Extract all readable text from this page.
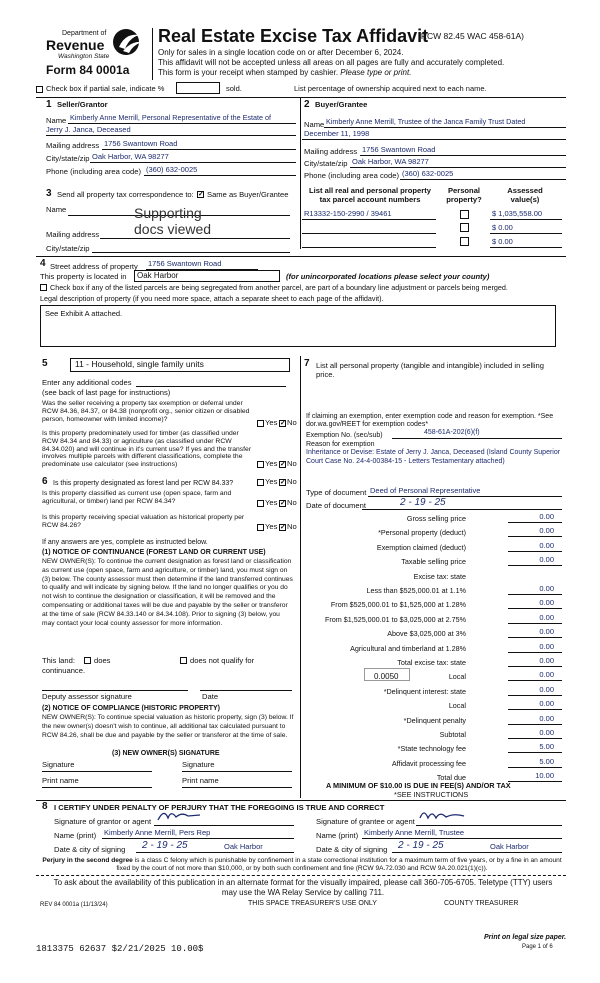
Department of
Revenue
Washington State
Form 84 0001a
Real Estate Excise Tax Affidavit
(RCW 82.45 WAC 458-61A)
Only for sales in a single location code on or after December 6, 2024.
This affidavit will not be accepted unless all areas on all pages are fully and accurately completed.
This form is your receipt when stamped by cashier. Please type or print.
Check box if partial sale, indicate %	sold.	List percentage of ownership acquired next to each name.
1 Seller/Grantor
Name Kimberly Anne Merrill, Personal Representative of the Estate of
Jerry J. Janca, Deceased
Mailing address 1756 Swantown Road
City/state/zip Oak Harbor, WA 98277
Phone (including area code) (360) 632-0025
2 Buyer/Grantee
Name Kimberly Anne Merrill, Trustee of the Janca Family Trust Dated
December 11, 1998
Mailing address 1756 Swantown Road
City/state/zip Oak Harbor, WA 98277
Phone (including area code) (360) 632-0025
3 Send all property tax correspondence to: ✓ Same as Buyer/Grantee
Name	Supporting
Mailing address docs viewed
City/state/zip
List all real and personal property tax parcel account numbers
Personal property?
Assessed value(s)
R13332-150-2990 / 39461	$ 1,035,558.00
$ 0.00
$ 0.00
4 Street address of property 1756 Swantown Road
This property is located in Oak Harbor	(for unincorporated locations please select your county)
Check box if any of the listed parcels are being segregated from another parcel, are part of a boundary line adjustment or parcels being merged.
Legal description of property (if you need more space, attach a separate sheet to each page of the affidavit).
See Exhibit A attached.
5	11 - Household, single family units
Enter any additional codes
(see back of last page for instructions)
Was the seller receiving a property tax exemption or deferral under RCW 84.36, 84.37, or 84.38 (nonprofit org., senior citizen or disabled person, homeowner with limited income)?	Yes ✓ No
Is this property predominately used for timber (as classified under RCW 84.34 and 84.33) or agriculture (as classified under RCW 84.34.020) and will continue in it's current use? If yes and the transfer involves multiple parcels with different classifications, complete the predominate use calculator (see instructions)	Yes ✓ No
6 Is this property designated as forest land per RCW 84.33?	Yes ✓ No
Is this property classified as current use (open space, farm and agricultural, or timber) land per RCW 84.34?	Yes ✓ No
Is this property receiving special valuation as historical property per RCW 84.26?	Yes ✓ No
If any answers are yes, complete as instructed below.
(1) NOTICE OF CONTINUANCE (FOREST LAND OR CURRENT USE)
NEW OWNER(S): To continue the current designation as forest land or classification as current use (open space, farm and agriculture, or timber) land, you must sign on (3) below. The county assessor must then determine if the land transferred continues to qualify and will indicate by signing below. If the land no longer qualifies or you do not wish to continue the designation or classification, it will be removed and the compensating or additional taxes will be due and payable by the seller or transferor at the time of sale (RCW 84.33.140 or 84.34.108). Prior to signing (3) below, you may contact your local county assessor for more information.
This land:	does	does not qualify for
continuance.
Deputy assessor signature	Date
(2) NOTICE OF COMPLIANCE (HISTORIC PROPERTY)
NEW OWNER(S): To continue special valuation as historic property, sign (3) below. If the new owner(s) doesn't wish to continue, all additional tax calculated pursuant to RCW 84.26, shall be due and payable by the seller or transferor at the time of sale.
(3) NEW OWNER(S) SIGNATURE
Signature	Signature
Print name	Print name
7 List all personal property (tangible and intangible) included in selling price.
If claiming an exemption, enter exemption code and reason for exemption. *See dor.wa.gov/REET for exemption codes*
Exemption No. (sec/sub)	458-61A-202(6)(f)
Reason for exemption
Inheritance or Devise: Estate of Jerry J. Janca, Deceased (Island County Superior Court Case No. 24-4-00384-15 - Letters Testamentary attached)
Type of document Deed of Personal Representative
Date of document	2 - 19 - 25
Gross selling price	0.00
*Personal property (deduct)	0.00
Exemption claimed (deduct)	0.00
Taxable selling price	0.00
Excise tax: state
Less than $525,000.01 at 1.1%	0.00
From $525,000.01 to $1,525,000 at 1.28%	0.00
From $1,525,000.01 to $3,025,000 at 2.75%	0.00
Above $3,025,000 at 3%	0.00
Agricultural and timberland at 1.28%	0.00
Total excise tax: state	0.00
Local	0.00
*Delinquent interest: state	0.00
Local	0.00
*Delinquent penalty	0.00
Subtotal	0.00
*State technology fee	5.00
Affidavit processing fee	5.00
Total due	10.00
0.0050
A MINIMUM OF $10.00 IS DUE IN FEE(S) AND/OR TAX
*SEE INSTRUCTIONS
8 I CERTIFY UNDER PENALTY OF PERJURY THAT THE FOREGOING IS TRUE AND CORRECT
Signature of grantor or agent	Signature of grantee or agent
Name (print) Kimberly Anne Merrill, Pers Rep	Name (print) Kimberly Anne Merrill, Trustee
Date & city of signing 2 - 19 - 25	Oak Harbor	Date & city of signing 2 - 19 - 25	Oak Harbor
Perjury in the second degree is a class C felony which is punishable by confinement in a state correctional institution for a maximum term of five years, or by a fine in an amount fixed by the court of not more than $10,000, or by both such confinement and fine (RCW 9A.72.030 and RCW 9A.20.021(1)(c)).
To ask about the availability of this publication in an alternate format for the visually impaired, please call 360-705-6705. Teletype (TTY) users may use the WA Relay Service by calling 711.
REV 84 0001a (11/13/24)	THIS SPACE TREASURER'S USE ONLY	COUNTY TREASURER
Print on legal size paper.
Page 1 of 6
1813375 62637 $2/21/2025 10.00$
